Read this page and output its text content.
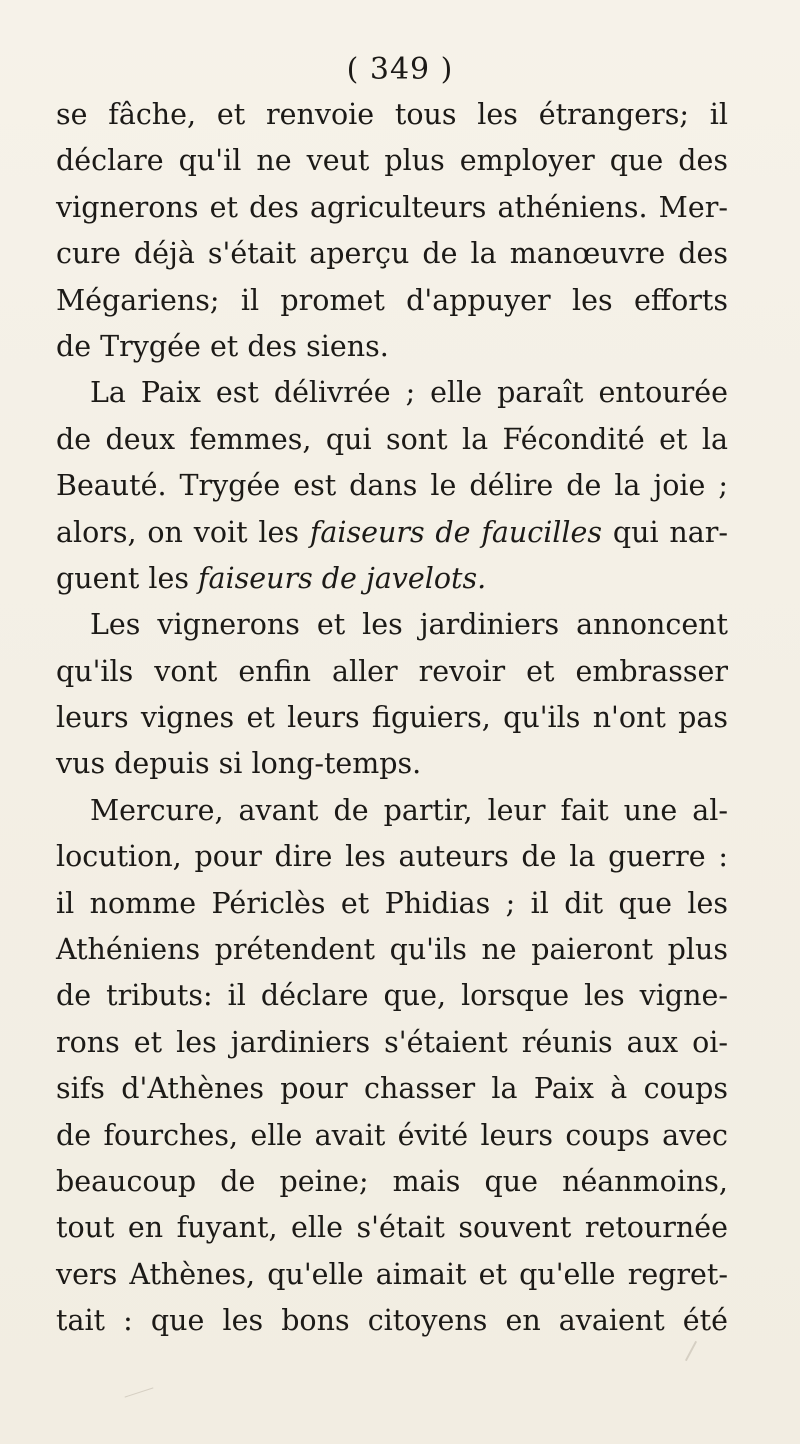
( 349 )
se fâche, et renvoie tous les étrangers; il
déclare qu'il ne veut plus employer que des
vignerons et des agriculteurs athéniens. Mer-
cure déjà s'était aperçu de la manœuvre des
Mégariens; il promet d'appuyer les efforts
de Trygée et des siens.
La Paix est délivrée ; elle paraît entourée
de deux femmes, qui sont la Fécondité et la
Beauté. Trygée est dans le délire de la joie ;
alors, on voit les faiseurs de faucilles qui nar-
guent les faiseurs de javelots.
Les vignerons et les jardiniers annoncent
qu'ils vont enfin aller revoir et embrasser
leurs vignes et leurs figuiers, qu'ils n'ont pas
vus depuis si long-temps.
Mercure, avant de partir, leur fait une al-
locution, pour dire les auteurs de la guerre :
il nomme Périclès et Phidias ; il dit que les
Athéniens prétendent qu'ils ne paieront plus
de tributs: il déclare que, lorsque les vigne-
rons et les jardiniers s'étaient réunis aux oi-
sifs d'Athènes pour chasser la Paix à coups
de fourches, elle avait évité leurs coups avec
beaucoup de peine; mais que néanmoins,
tout en fuyant, elle s'était souvent retournée
vers Athènes, qu'elle aimait et qu'elle regret-
tait : que les bons citoyens en avaient été
